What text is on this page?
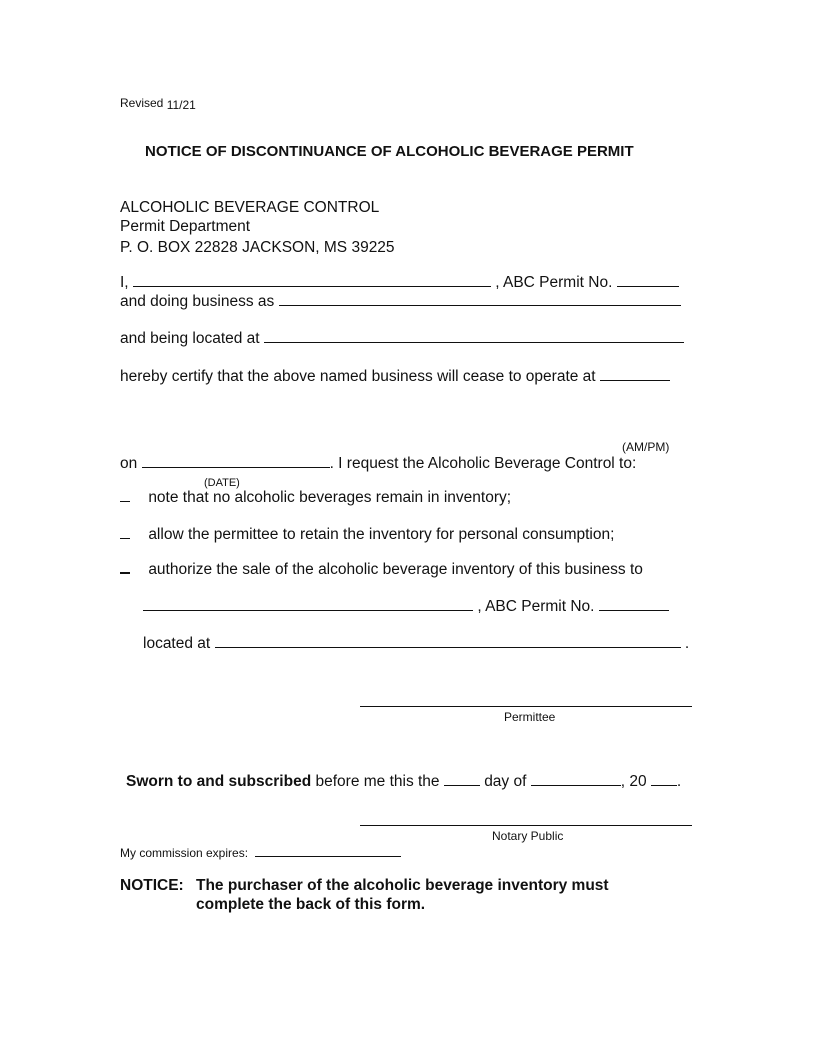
Revised 11/21
NOTICE OF DISCONTINUANCE OF ALCOHOLIC BEVERAGE PERMIT
ALCOHOLIC BEVERAGE CONTROL
Permit Department
P. O. BOX 22828 JACKSON, MS 39225
I,	, ABC Permit No.
and doing business as
and being located at
hereby certify that the above named business will cease to operate at
(AM/PM)
on	. I request the Alcoholic Beverage Control to:
(DATE)
note that no alcoholic beverages remain in inventory;
allow the permittee to retain the inventory for personal consumption;
authorize the sale of the alcoholic beverage inventory of this business to
, ABC Permit No.
located at	.
Permittee
Sworn to and subscribed before me this the	day of	, 20 .
Notary Public
My commission expires:
NOTICE: The purchaser of the alcoholic beverage inventory must
complete the back of this form.
